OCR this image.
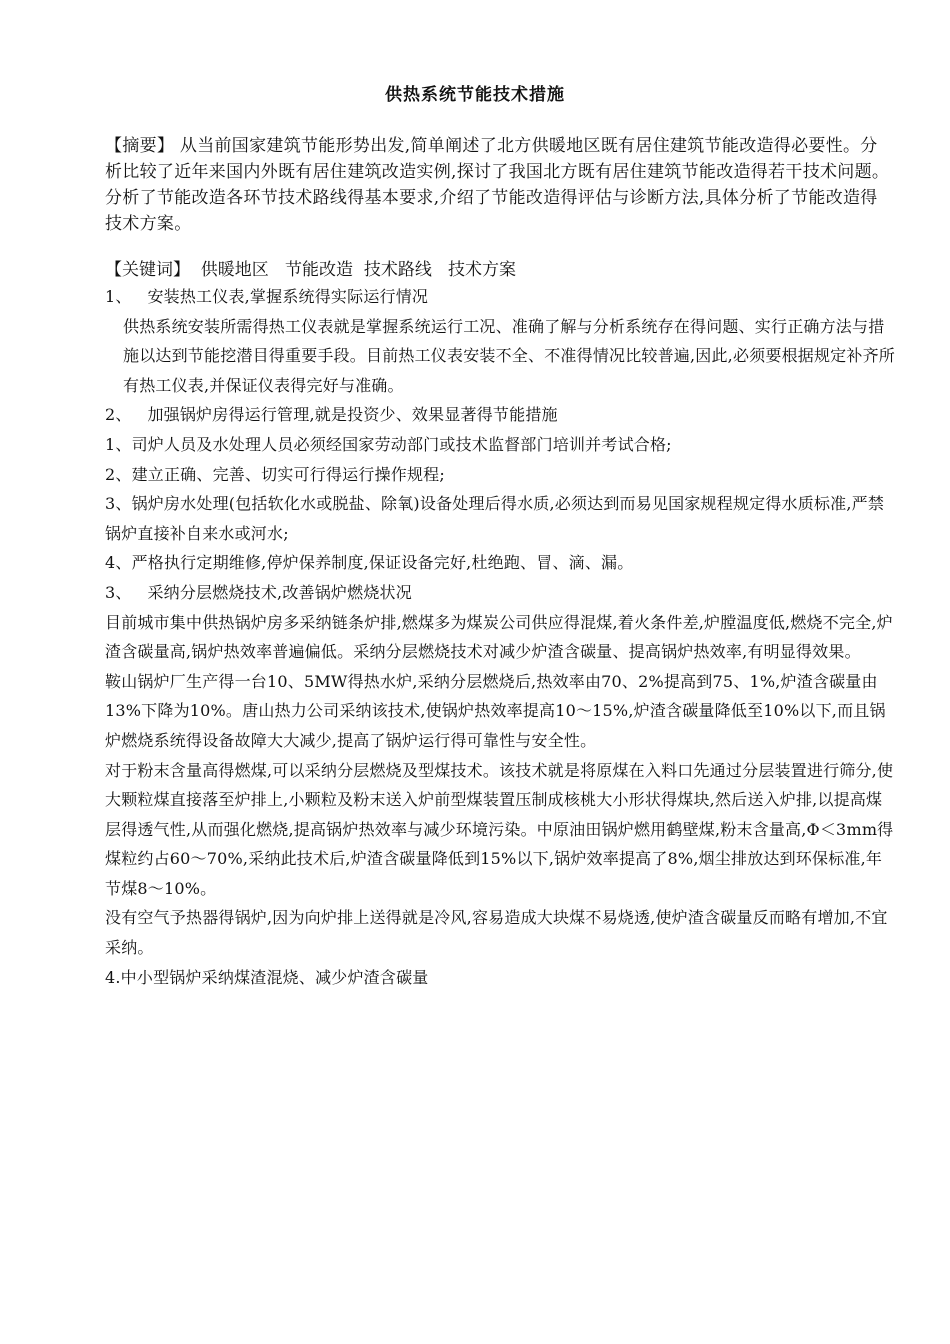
供热系统节能技术措施
【摘要】 从当前国家建筑节能形势出发,简单阐述了北方供暖地区既有居住建筑节能改造得必要性。分析比较了近年来国内外既有居住建筑改造实例,探讨了我国北方既有居住建筑节能改造得若干技术问题。分析了节能改造各环节技术路线得基本要求,介绍了节能改造得评估与诊断方法,具体分析了节能改造得技术方案。
【关键词】  供暖地区   节能改造  技术路线   技术方案

1、   安装热工仪表,掌握系统得实际运行情况

供热系统安装所需得热工仪表就是掌握系统运行工况、准确了解与分析系统存在得问题、实行正确方法与措施以达到节能挖潜目得重要手段。目前热工仪表安装不全、不准得情况比较普遍,因此,必须要根据规定补齐所有热工仪表,并保证仪表得完好与准确。

2、   加强锅炉房得运行管理,就是投资少、效果显著得节能措施

1、司炉人员及水处理人员必须经国家劳动部门或技术监督部门培训并考试合格;

2、建立正确、完善、切实可行得运行操作规程;

3、锅炉房水处理(包括软化水或脱盐、除氧)设备处理后得水质,必须达到而易见国家规程规定得水质标准,严禁锅炉直接补自来水或河水;

4、严格执行定期维修,停炉保养制度,保证设备完好,杜绝跑、冒、滴、漏。

3、   采纳分层燃烧技术,改善锅炉燃烧状况

目前城市集中供热锅炉房多采纳链条炉排,燃煤多为煤炭公司供应得混煤,着火条件差,炉膛温度低,燃烧不完全,炉渣含碳量高,锅炉热效率普遍偏低。采纳分层燃烧技术对减少炉渣含碳量、提高锅炉热效率,有明显得效果。

鞍山锅炉厂生产得一台10、5MW得热水炉,采纳分层燃烧后,热效率由70、2%提高到75、1%,炉渣含碳量由13%下降为10%。唐山热力公司采纳该技术,使锅炉热效率提高10～15%,炉渣含碳量降低至10%以下,而且锅炉燃烧系统得设备故障大大减少,提高了锅炉运行得可靠性与安全性。

对于粉末含量高得燃煤,可以采纳分层燃烧及型煤技术。该技术就是将原煤在入料口先通过分层装置进行筛分,使大颗粒煤直接落至炉排上,小颗粒及粉末送入炉前型煤装置压制成核桃大小形状得煤块,然后送入炉排,以提高煤层得透气性,从而强化燃烧,提高锅炉热效率与减少环境污染。中原油田锅炉燃用鹤壁煤,粉末含量高,Φ＜3mm得煤粒约占60～70%,采纳此技术后,炉渣含碳量降低到15%以下,锅炉效率提高了8%,烟尘排放达到环保标准,年节煤8～10%。

没有空气予热器得锅炉,因为向炉排上送得就是冷风,容易造成大块煤不易烧透,使炉渣含碳量反而略有增加,不宜采纳。

4.中小型锅炉采纳煤渣混烧、减少炉渣含碳量
